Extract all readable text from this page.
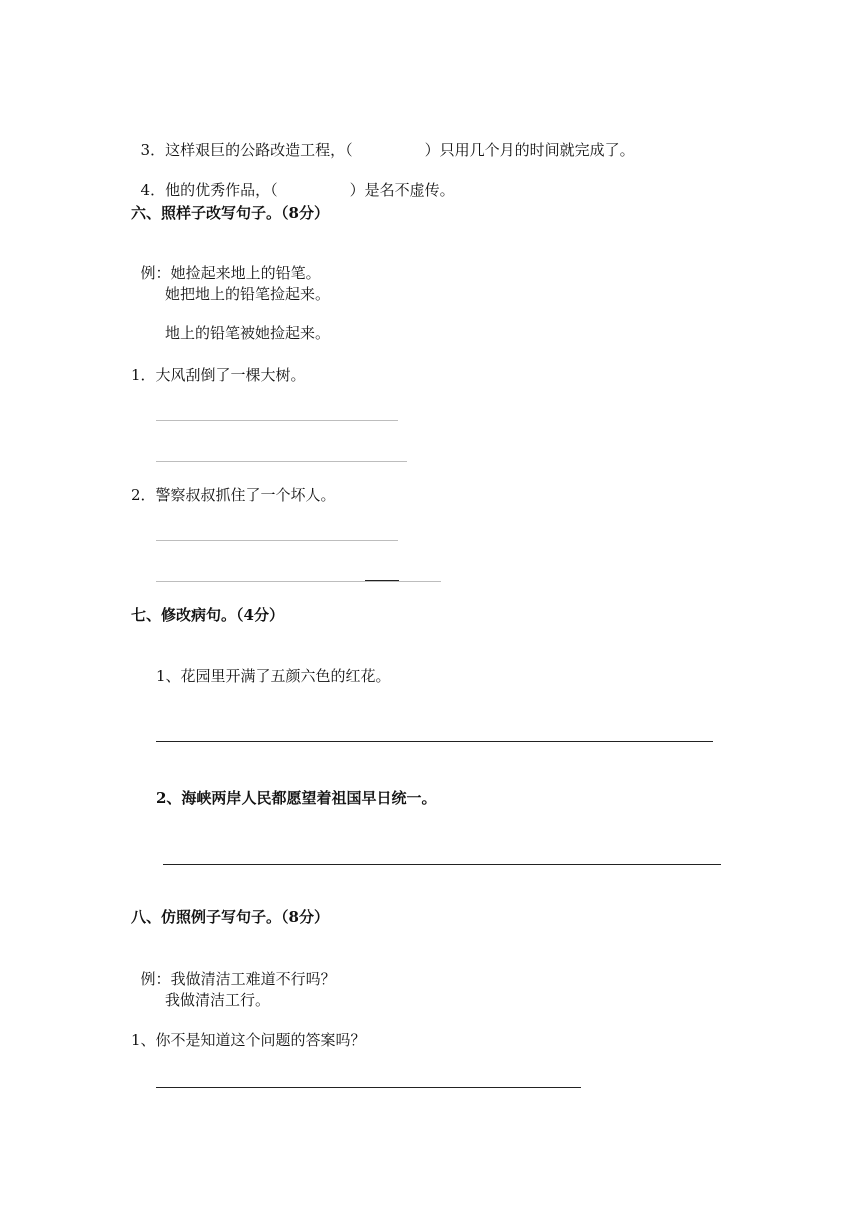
3．这样艰巨的公路改造工程，（	）只用几个月的时间就完成了。

4．他的优秀作品，（	）是名不虚传。

六、照样子改写句子。（8分）

例：她捡起来地上的铅笔。

她把地上的铅笔捡起来。
地上的铅笔被她捡起来。
1．大风刮倒了一棵大树。
2．警察叔叔抓住了一个坏人。
七、修改病句。（4分）
1、花园里开满了五颜六色的红花。
2、海峡两岸人民都愿望着祖国早日统一。
八、仿照例子写句子。（8分）

例：我做清洁工难道不行吗？

我做清洁工行。
1、你不是知道这个问题的答案吗？
